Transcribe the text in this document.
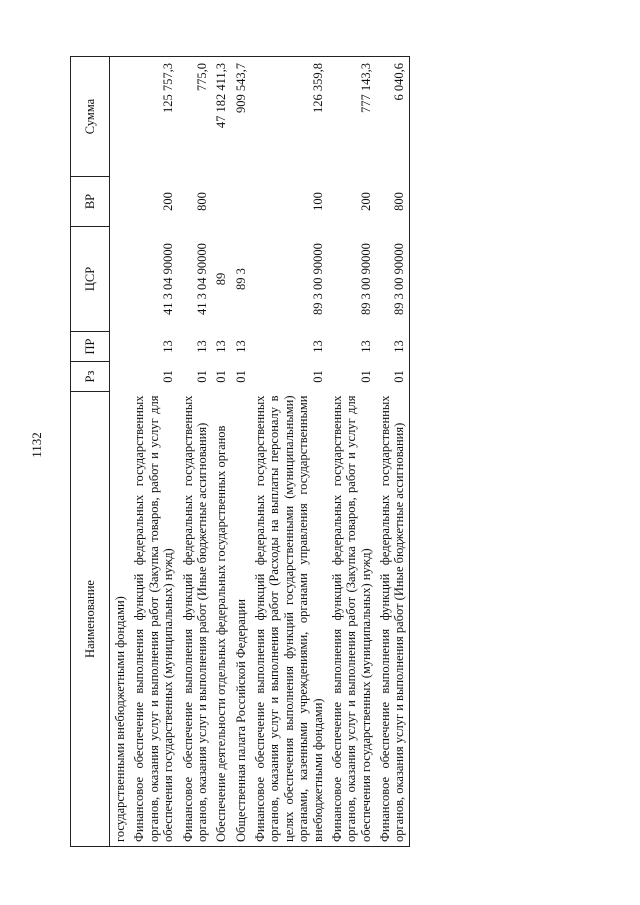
1132
Наименование	Рз	ПР	ЦСР	ВР	Сумма
государственными внебюджетными фондами)					
Финансовое обеспечение выполнения функций федеральных государственных органов, оказания услуг и выполнения работ (Закупка товаров, работ и услуг для обеспечения государственных (муниципальных) нужд)	01	13	41 3 04 90000	200	125 757,3
Финансовое обеспечение выполнения функций федеральных государственных органов, оказания услуг и выполнения работ (Иные бюджетные ассигнования)	01	13	41 3 04 90000	800	775,0
Обеспечение деятельности отдельных федеральных государственных органов	01	13	89		47 182 411,3
Общественная палата Российской Федерации	01	13	89 3		909 543,7
Финансовое обеспечение выполнения функций федеральных государственных органов, оказания услуг и выполнения работ (Расходы на выплаты персоналу в целях обеспечения выполнения функций государственными (муниципальными) органами, казенными учреждениями, органами управления государственными внебюджетными фондами)	01	13	89 3 00 90000	100	126 359,8
Финансовое обеспечение выполнения функций федеральных государственных органов, оказания услуг и выполнения работ (Закупка товаров, работ и услуг для обеспечения государственных (муниципальных) нужд)	01	13	89 3 00 90000	200	777 143,3
Финансовое обеспечение выполнения функций федеральных государственных органов, оказания услуг и выполнения работ (Иные бюджетные ассигнования)	01	13	89 3 00 90000	800	6 040,6
